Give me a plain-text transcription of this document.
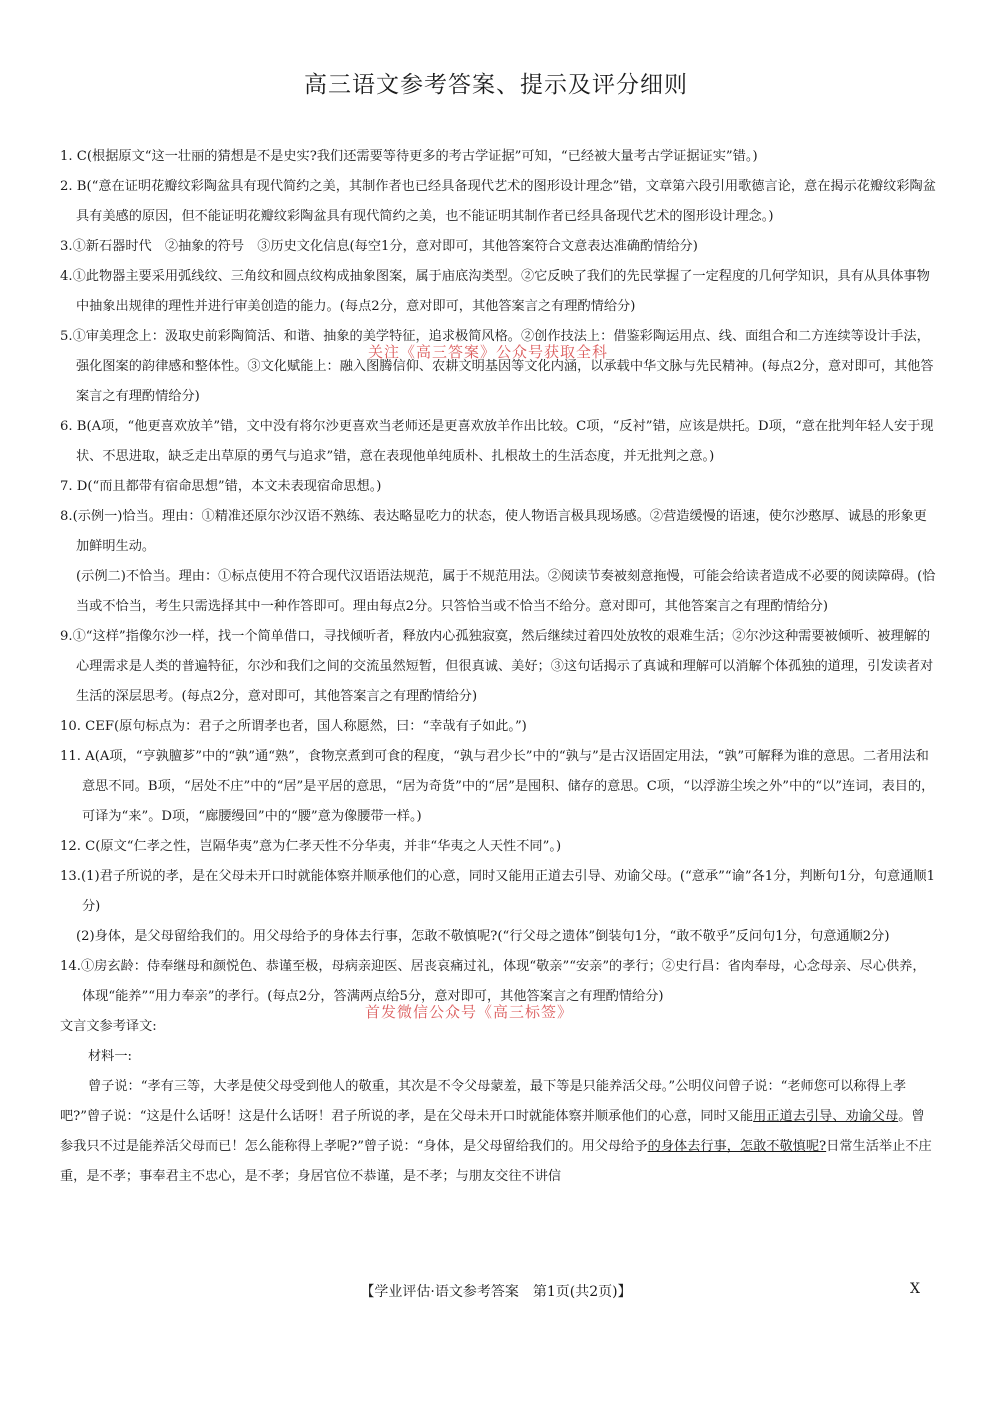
高三语文参考答案、提示及评分细则

1. C(根据原文“这一壮丽的猜想是不是史实?我们还需要等待更多的考古学证据”可知，“已经被大量考古学证据证实”错。)

2. B(“意在证明花瓣纹彩陶盆具有现代简约之美，其制作者也已经具备现代艺术的图形设计理念”错，文章第六段引用歌德言论，意在揭示花瓣纹彩陶盆具有美感的原因，但不能证明花瓣纹彩陶盆具有现代简约之美，也不能证明其制作者已经具备现代艺术的图形设计理念。)

3.①新石器时代　②抽象的符号　③历史文化信息(每空1分，意对即可，其他答案符合文意表达准确酌情给分)

4.①此物器主要采用弧线纹、三角纹和圆点纹构成抽象图案，属于庙底沟类型。②它反映了我们的先民掌握了一定程度的几何学知识，具有从具体事物中抽象出规律的理性并进行审美创造的能力。(每点2分，意对即可，其他答案言之有理酌情给分)

5.①审美理念上：汲取史前彩陶简活、和谐、抽象的美学特征，追求极简风格。②创作技法上：借鉴彩陶运用点、线、面组合和二方连续等设计手法，强化图案的韵律感和整体性。③文化赋能上：融入图腾信仰、农耕文明基因等文化内涵，以承载中华文脉与先民精神。(每点2分，意对即可，其他答案言之有理酌情给分)

6. B(A项，“他更喜欢放羊”错，文中没有将尔沙更喜欢当老师还是更喜欢放羊作出比较。C项，“反衬”错，应该是烘托。D项，“意在批判年轻人安于现状、不思进取，缺乏走出草原的勇气与追求”错，意在表现他单纯质朴、扎根故土的生活态度，并无批判之意。)

7. D(“而且都带有宿命思想”错，本文未表现宿命思想。)

8.(示例一)恰当。理由：①精准还原尔沙汉语不熟练、表达略显吃力的状态，使人物语言极具现场感。②营造缓慢的语速，使尔沙憨厚、诚恳的形象更加鲜明生动。

(示例二)不恰当。理由：①标点使用不符合现代汉语语法规范，属于不规范用法。②阅读节奏被刻意拖慢，可能会给读者造成不必要的阅读障碍。(恰当或不恰当，考生只需选择其中一种作答即可。理由每点2分。只答恰当或不恰当不给分。意对即可，其他答案言之有理酌情给分)

9.①“这样”指像尔沙一样，找一个简单借口，寻找倾听者，释放内心孤独寂寞，然后继续过着四处放牧的艰难生活；②尔沙这种需要被倾听、被理解的心理需求是人类的普遍特征，尔沙和我们之间的交流虽然短暂，但很真诚、美好；③这句话揭示了真诚和理解可以消解个体孤独的道理，引发读者对生活的深层思考。(每点2分，意对即可，其他答案言之有理酌情给分)

10. CEF(原句标点为：君子之所谓孝也者，国人称愿然，曰：“幸哉有子如此。”)

11. A(A项，“亨孰膻芗”中的“孰”通“熟”，食物烹煮到可食的程度，“孰与君少长”中的“孰与”是古汉语固定用法，“孰”可解释为谁的意思。二者用法和意思不同。B项，“居处不庄”中的“居”是平居的意思，“居为奇货”中的“居”是囤积、储存的意思。C项，“以浮游尘埃之外”中的“以”连词，表目的，可译为“来”。D项，“廊腰缦回”中的“腰”意为像腰带一样。)

12. C(原文“仁孝之性，岂隔华夷”意为仁孝天性不分华夷，并非“华夷之人天性不同”。)

13.(1)君子所说的孝，是在父母未开口时就能体察并顺承他们的心意，同时又能用正道去引导、劝谕父母。(“意承”“谕”各1分，判断句1分，句意通顺1分)

(2)身体，是父母留给我们的。用父母给予的身体去行事，怎敢不敬慎呢?(“行父母之遗体”倒装句1分，“敢不敬乎”反问句1分，句意通顺2分)

14.①房玄龄：侍奉继母和颜悦色、恭谨至极，母病亲迎医、居丧哀痛过礼，体现“敬亲”“安亲”的孝行；②史行昌：省肉奉母，心念母亲、尽心供养，体现“能养”“用力奉亲”的孝行。(每点2分，答满两点给5分，意对即可，其他答案言之有理酌情给分)

文言文参考译文:

材料一:

曾子说：“孝有三等，大孝是使父母受到他人的敬重，其次是不令父母蒙羞，最下等是只能养活父母。”公明仪问曾子说：“老师您可以称得上孝吧?”曾子说：“这是什么话呀！这是什么话呀！君子所说的孝，是在父母未开口时就能体察并顺承他们的心意，同时又能用正道去引导、劝谕父母。曾参我只不过是能养活父母而已！怎么能称得上孝呢?”曾子说：“身体，是父母留给我们的。用父母给予的身体去行事，怎敢不敬慎呢?日常生活举止不庄重，是不孝；事奉君主不忠心，是不孝；身居官位不恭谨，是不孝；与朋友交往不讲信

关注《高三答案》公众号获取全科
首发微信公众号《高三标签》
【学业评估·语文参考答案　第1页(共2页)】	X
